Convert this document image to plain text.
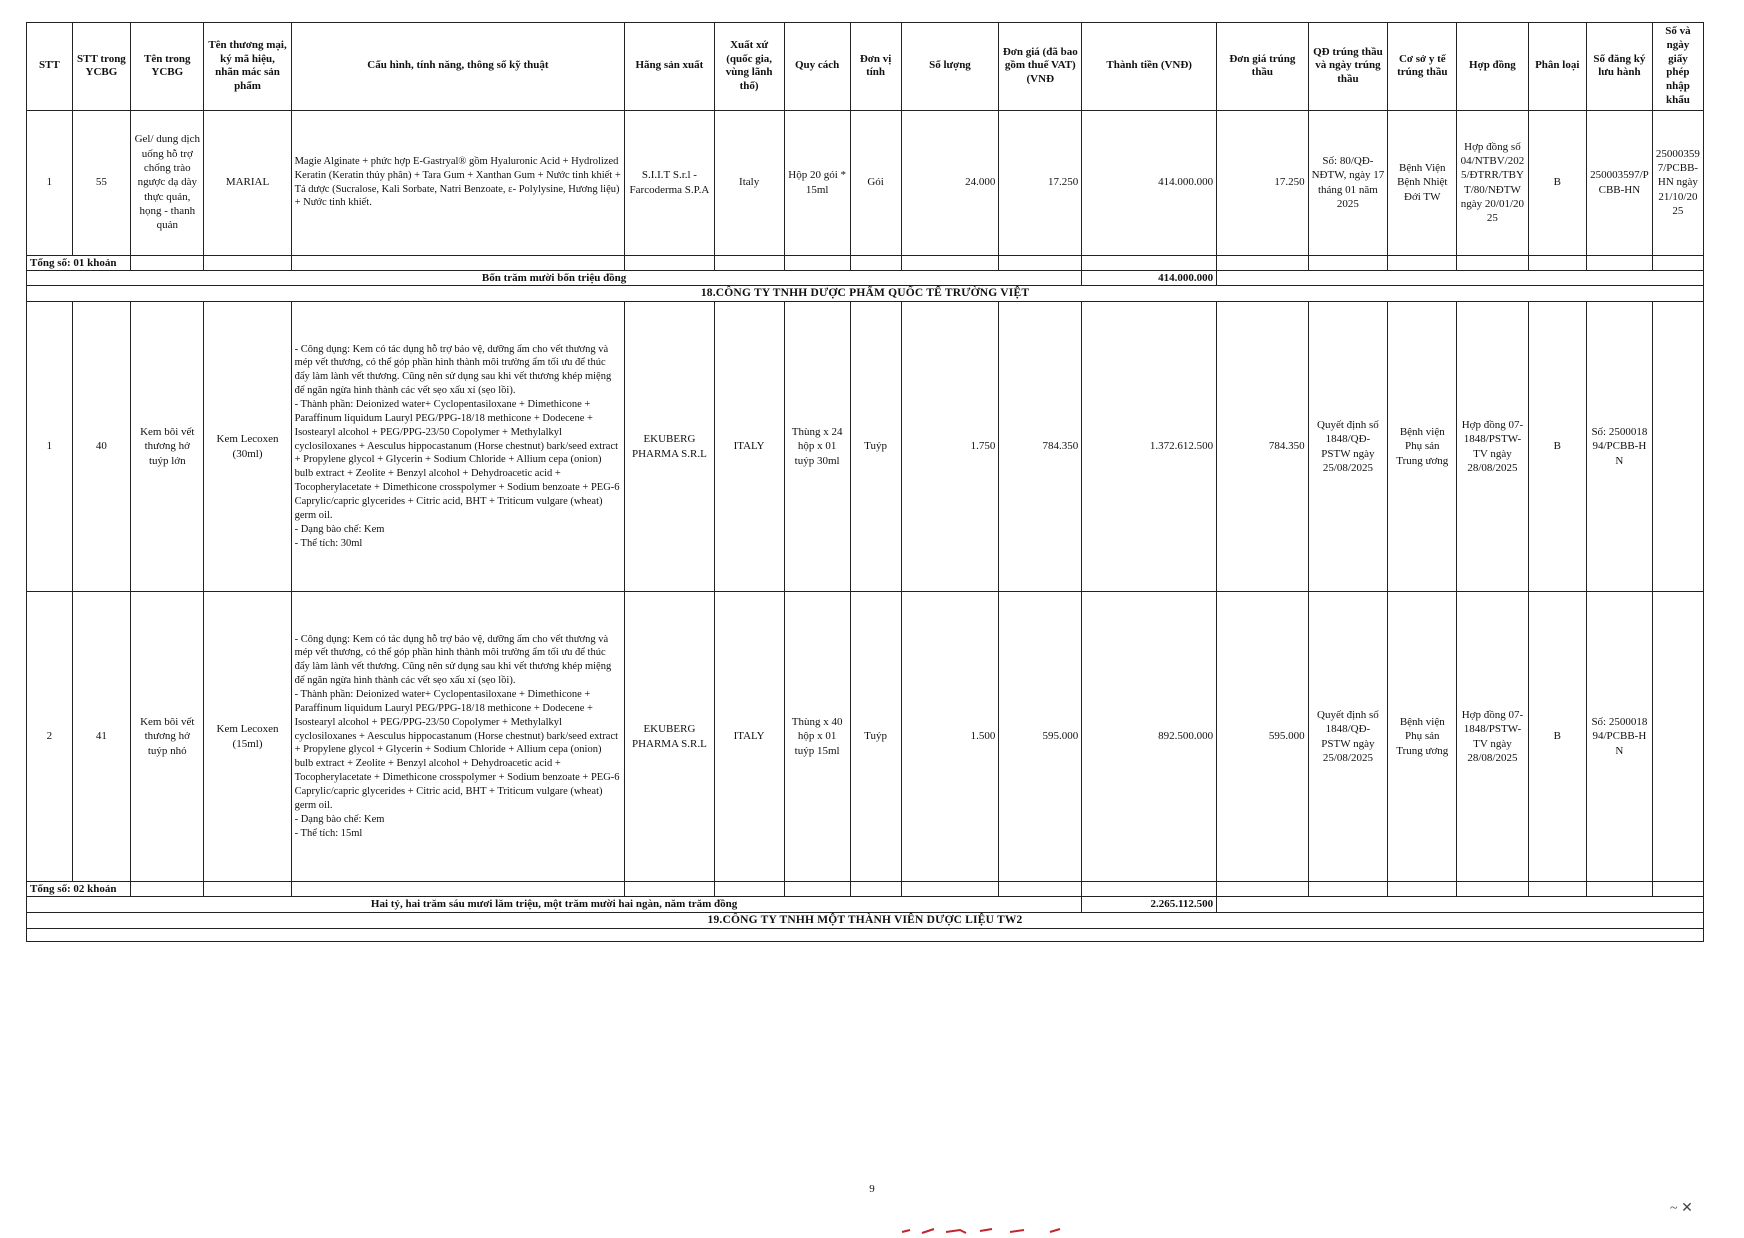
STT	STT trong YCBG	Tên trong YCBG	Tên thương mại, ký mã hiệu, nhãn mác sản phẩm	Cấu hình, tính năng, thông số kỹ thuật	Hãng sản xuất	Xuất xứ (quốc gia, vùng lãnh thổ)	Quy cách	Đơn vị tính	Số lượng	Đơn giá (đã bao gồm thuế VAT) (VNĐ	Thành tiền (VNĐ)	Đơn giá trúng thầu	QĐ trúng thầu và ngày trúng thầu	Cơ sở y tế trúng thầu	Hợp đồng	Phân loại	Số đăng ký lưu hành	Số và ngày giấy phép nhập khẩu
1	55	Gel/ dung dịch uống hỗ trợ chống trào ngược dạ dày thực quản, họng - thanh quản	MARIAL	Magie Alginate + phức hợp E-Gastryal® gồm Hyaluronic Acid + Hydrolized Keratin (Keratin thủy phân) + Tara Gum + Xanthan Gum + Nước tinh khiết + Tá dược (Sucralose, Kali Sorbate, Natri Benzoate, ε- Polylysine, Hương liệu) + Nước tinh khiết.	S.I.I.T S.r.l - Farcoderma S.P.A	Italy	Hộp 20 gói * 15ml	Gói	24.000	17.250	414.000.000	17.250	Số: 80/QĐ-NĐTW, ngày 17 tháng 01 năm 2025	Bệnh Viện Bệnh Nhiệt Đới TW	Hợp đồng số 04/NTBV/2025/ĐTRR/TBYT/80/NĐTW ngày 20/01/2025	B	250003597/PCBB-HN	250003597/PCBB-HN ngày 21/10/2025
Tổng số: 01 khoản																		
Bốn trăm mười bốn triệu đồng											414.000.000							
18.CÔNG TY TNHH DƯỢC PHẨM QUỐC TẾ TRƯỜNG VIỆT																		
1	40	Kem bôi vết thương hở tuýp lớn	Kem Lecoxen (30ml)	- Công dụng: Kem có tác dụng hỗ trợ bảo vệ, dưỡng ẩm cho vết thương và mép vết thương, có thể góp phần hình thành môi trường ẩm tối ưu để thúc đẩy làm lành vết thương. Cũng nên sử dụng sau khi vết thương khép miệng để ngăn ngừa hình thành các vết sẹo xấu xí (sẹo lồi).
- Thành phần: Deionized water+ Cyclopentasiloxane + Dimethicone + Paraffinum liquidum Lauryl PEG/PPG-18/18 methicone + Dodecene + Isostearyl alcohol + PEG/PPG-23/50 Copolymer + Methylalkyl cyclosiloxanes + Aesculus hippocastanum (Horse chestnut) bark/seed extract + Propylene glycol + Glycerin + Sodium Chloride + Allium cepa (onion) bulb extract + Zeolite + Benzyl alcohol + Dehydroacetic acid + Tocopherylacetate + Dimethicone crosspolymer + Sodium benzoate + PEG-6 Caprylic/capric glycerides + Citric acid, BHT + Triticum vulgare (wheat) germ oil.
- Dạng bào chế: Kem
- Thể tích: 30ml	EKUBERG PHARMA S.R.L	ITALY	Thùng x 24 hộp x 01 tuýp 30ml	Tuýp	1.750	784.350	1.372.612.500	784.350	Quyết định số 1848/QĐ-PSTW ngày 25/08/2025	Bệnh viện Phụ sản Trung ương	Hợp đồng 07-1848/PSTW-TV ngày 28/08/2025	B	Số: 250001894/PCBB-HN	
2	41	Kem bôi vết thương hở tuýp nhỏ	Kem Lecoxen (15ml)	- Công dụng: Kem có tác dụng hỗ trợ bảo vệ, dưỡng ẩm cho vết thương và mép vết thương, có thể góp phần hình thành môi trường ẩm tối ưu để thúc đẩy làm lành vết thương. Cũng nên sử dụng sau khi vết thương khép miệng để ngăn ngừa hình thành các vết sẹo xấu xí (sẹo lồi).
- Thành phần: Deionized water+ Cyclopentasiloxane + Dimethicone + Paraffinum liquidum Lauryl PEG/PPG-18/18 methicone + Dodecene + Isostearyl alcohol + PEG/PPG-23/50 Copolymer + Methylalkyl cyclosiloxanes + Aesculus hippocastanum (Horse chestnut) bark/seed extract + Propylene glycol + Glycerin + Sodium Chloride + Allium cepa (onion) bulb extract + Zeolite + Benzyl alcohol + Dehydroacetic acid + Tocopherylacetate + Dimethicone crosspolymer + Sodium benzoate + PEG-6 Caprylic/capric glycerides + Citric acid, BHT + Triticum vulgare (wheat) germ oil.
- Dạng bào chế: Kem
- Thể tích: 15ml	EKUBERG PHARMA S.R.L	ITALY	Thùng x 40 hộp x 01 tuýp 15ml	Tuýp	1.500	595.000	892.500.000	595.000	Quyết định số 1848/QĐ-PSTW ngày 25/08/2025	Bệnh viện Phụ sản Trung ương	Hợp đồng 07-1848/PSTW-TV ngày 28/08/2025	B	Số: 250001894/PCBB-HN	
Tổng số: 02 khoản																		
Hai tỷ, hai trăm sáu mươi lăm triệu, một trăm mười hai ngàn, năm trăm đồng											2.265.112.500							
19.CÔNG TY TNHH MỘT THÀNH VIÊN DƯỢC LIỆU TW2																		

9
~ ✕
